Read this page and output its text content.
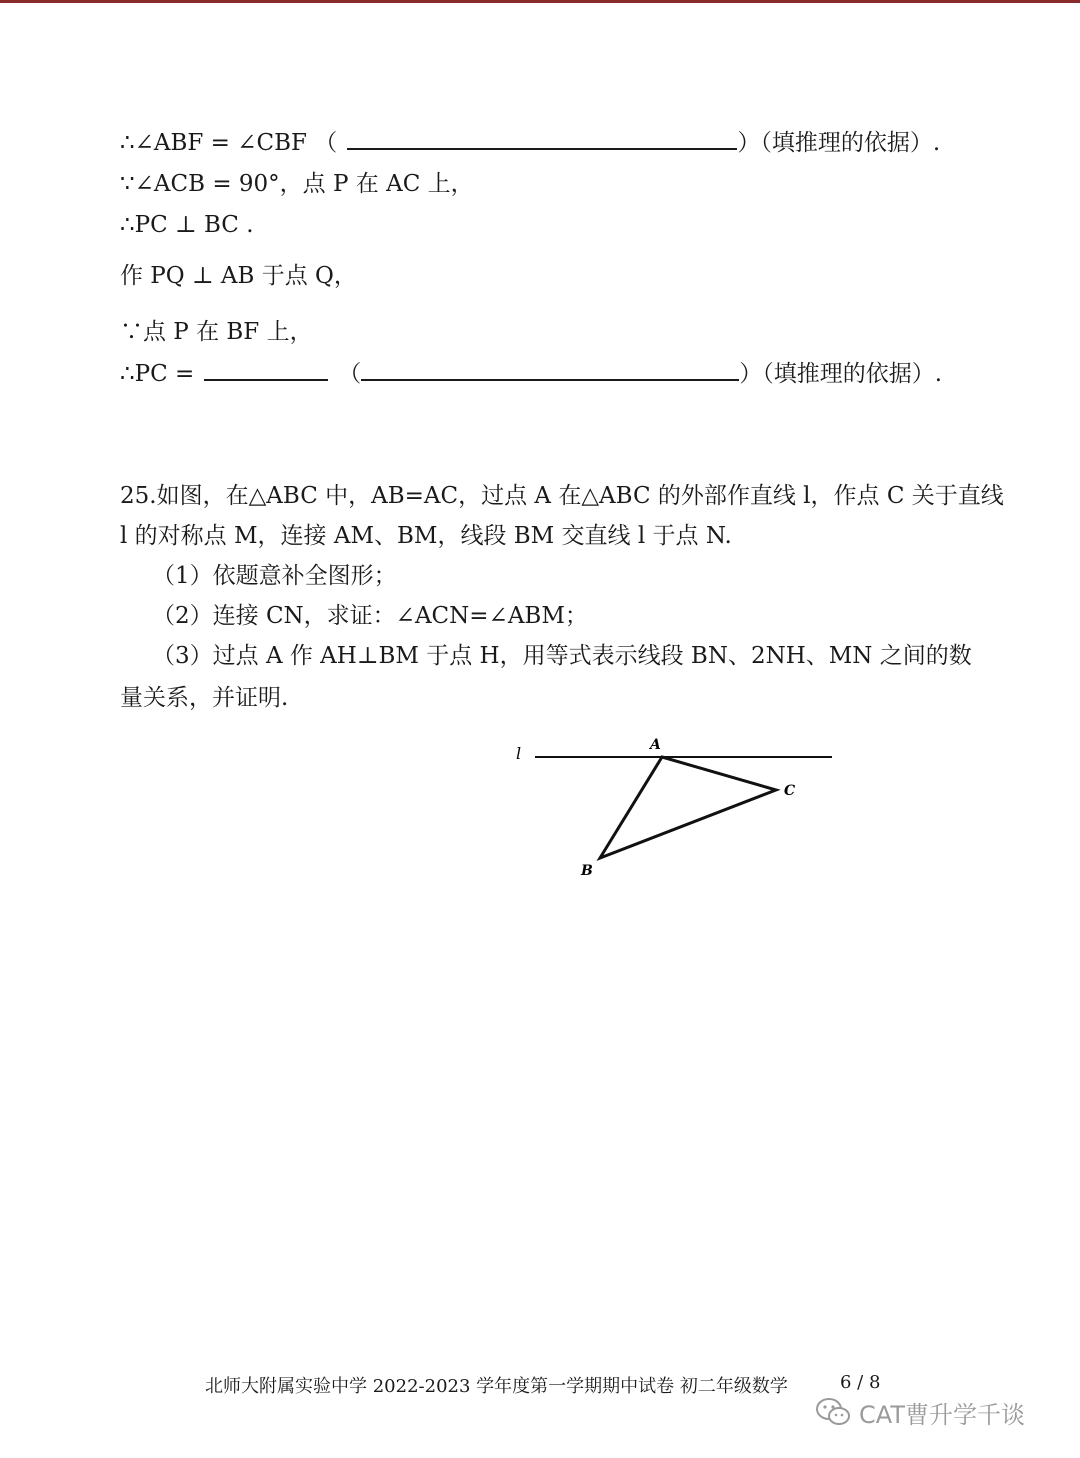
∴∠ABF = ∠CBF （	）（填推理的依据）.
∵∠ACB = 90°，点 P 在 AC 上，
∴PC ⊥ BC .
作 PQ ⊥ AB 于点 Q，
∵点 P 在 BF 上，
∴PC =	（	）（填推理的依据）.
25.如图，在△ABC 中，AB=AC，过点 A 在△ABC 的外部作直线 l，作点 C 关于直线
l 的对称点 M，连接 AM、BM，线段 BM 交直线 l 于点 N.
（1）依题意补全图形；
（2）连接 CN，求证：∠ACN=∠ABM；
（3）过点 A 作 AH⊥BM 于点 H，用等式表示线段 BN、2NH、MN 之间的数
量关系，并证明.
l	A
C
B
北师大附属实验中学 2022-2023 学年度第一学期期中试卷 初二年级数学	6 / 8
CAT曹升学千谈
